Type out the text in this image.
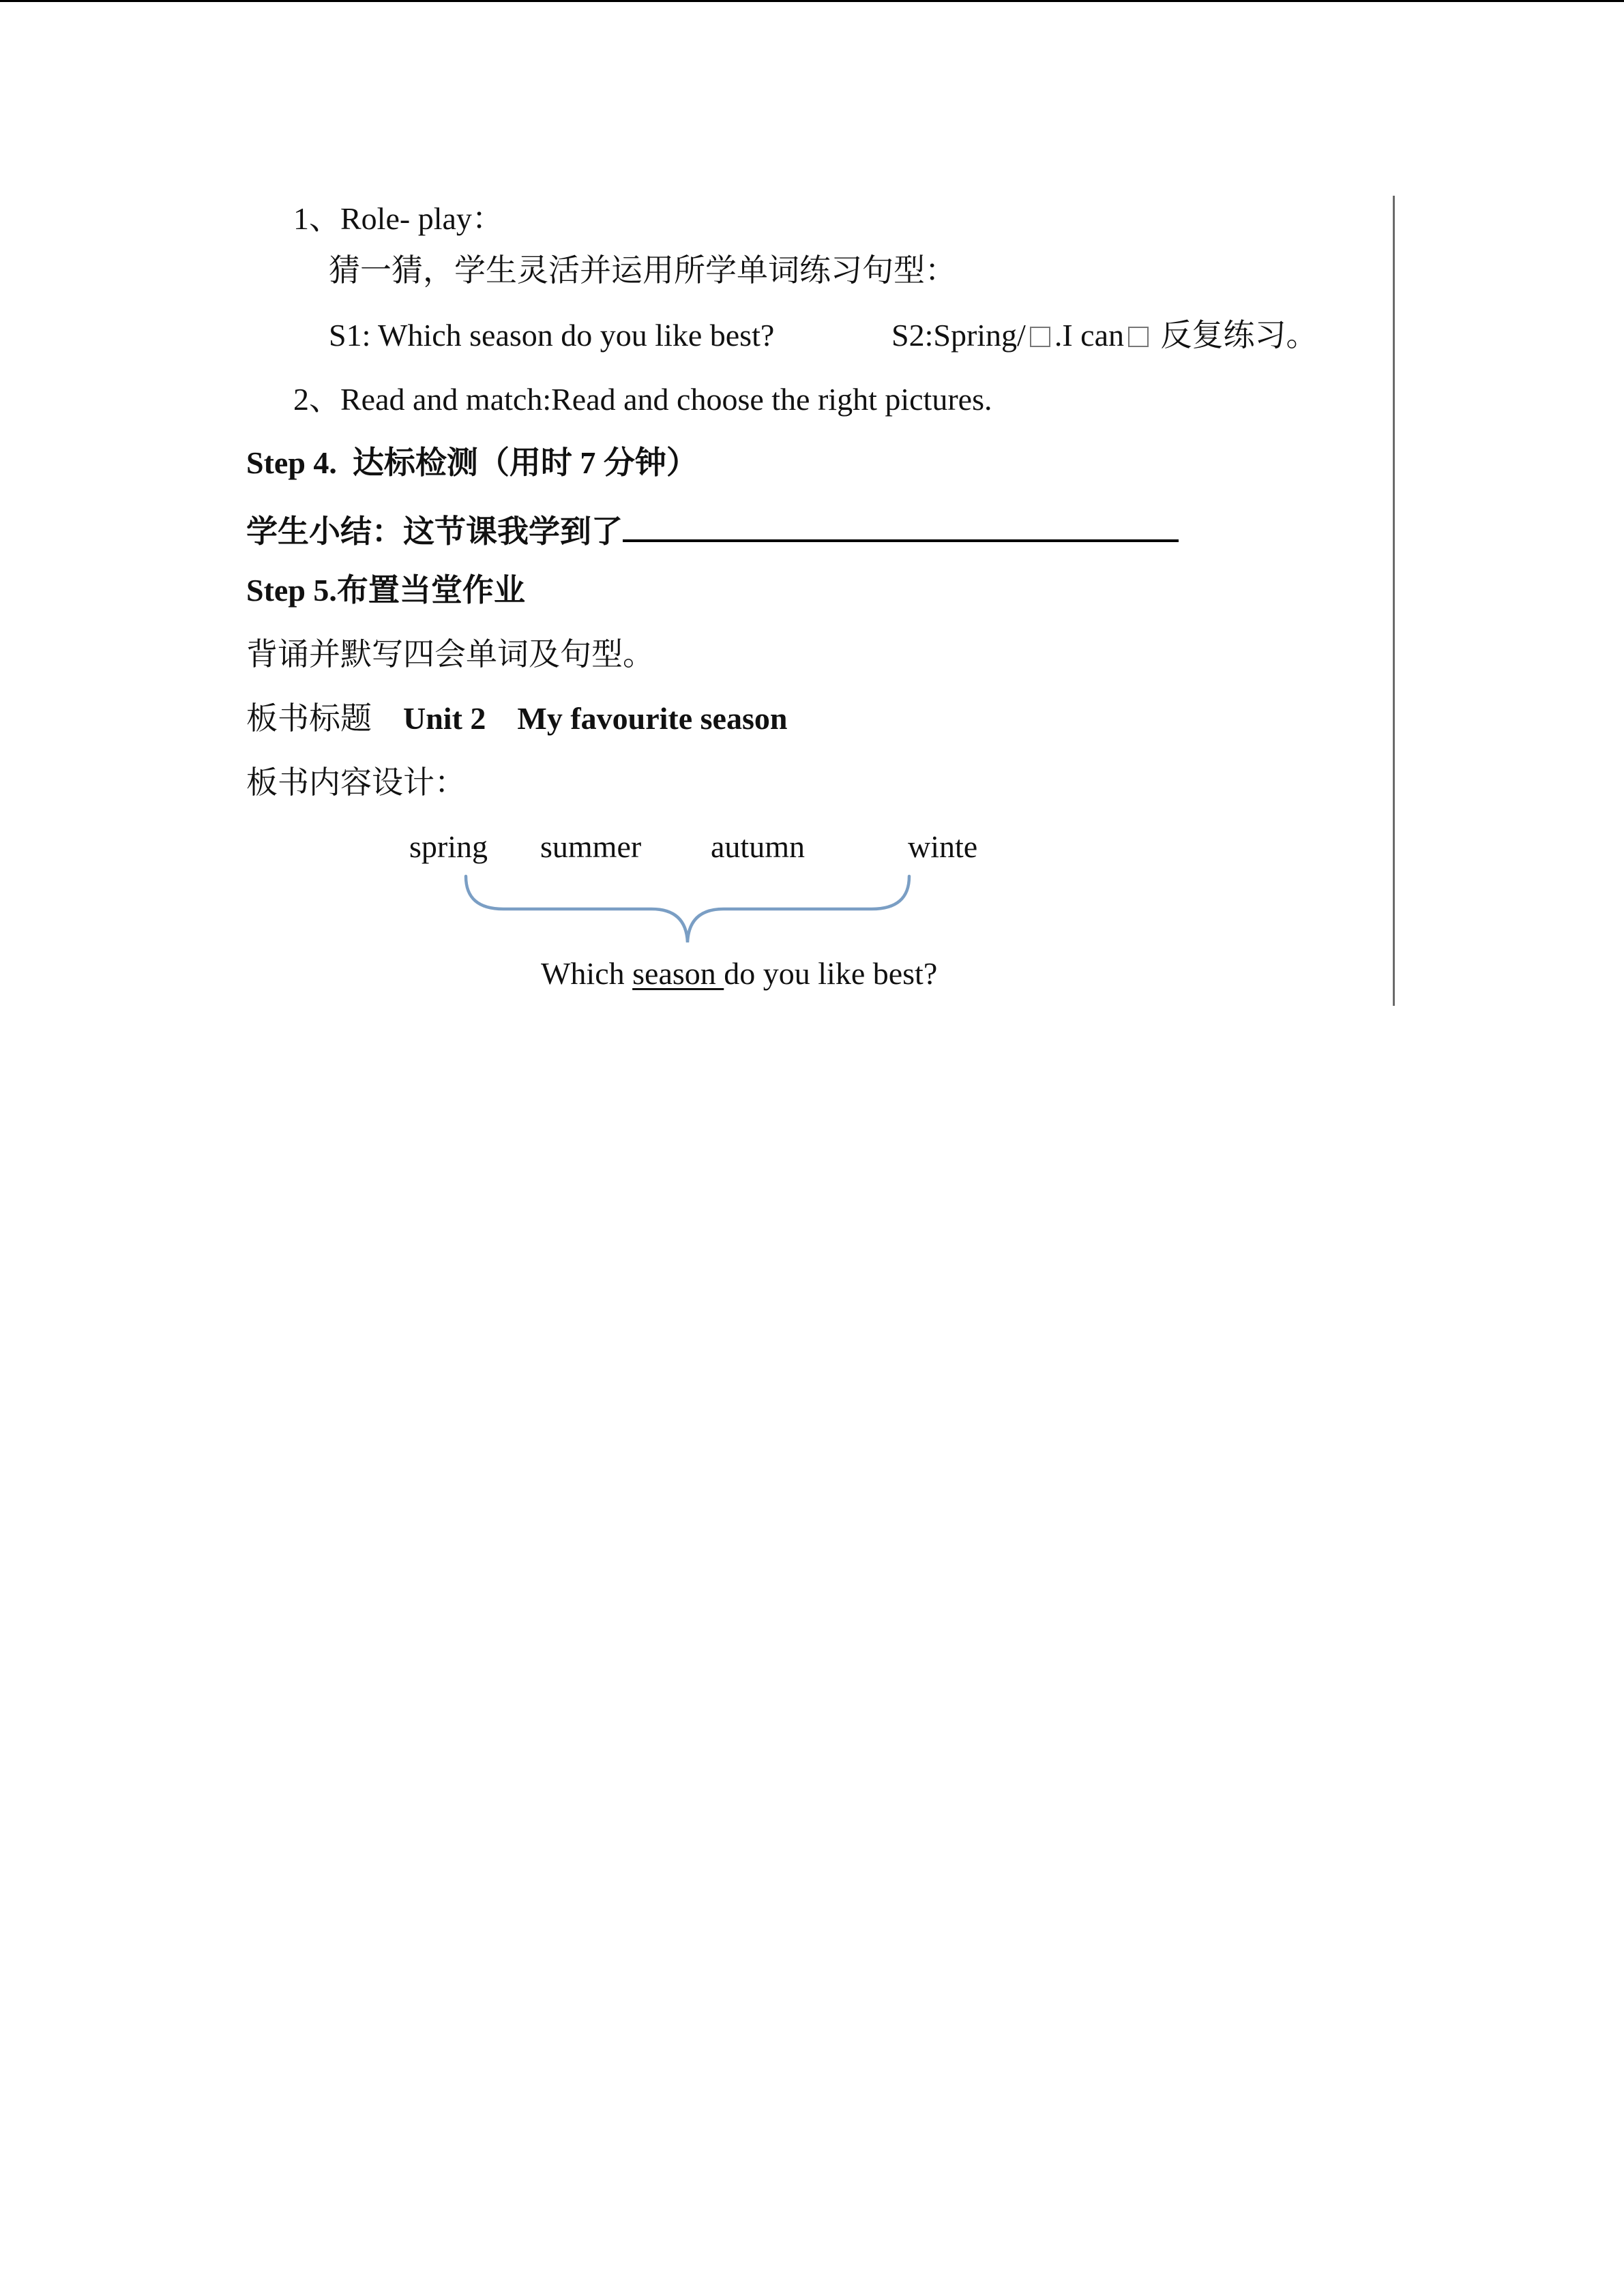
1、Role- play：
猜一猜，学生灵活并运用所学单词练习句型：
S1: Which season do you like best?	S2:Spring/ .I can 反复练习。
2、Read and match:Read and choose the right pictures.
Step 4.  达标检测（用时 7 分钟）
学生小结：这节课我学到了
Step 5.布置当堂作业
背诵并默写四会单词及句型。
板书标题 Unit 2 My favourite season
板书内容设计：
spring summer autumn	winte
Which season do you like best?
